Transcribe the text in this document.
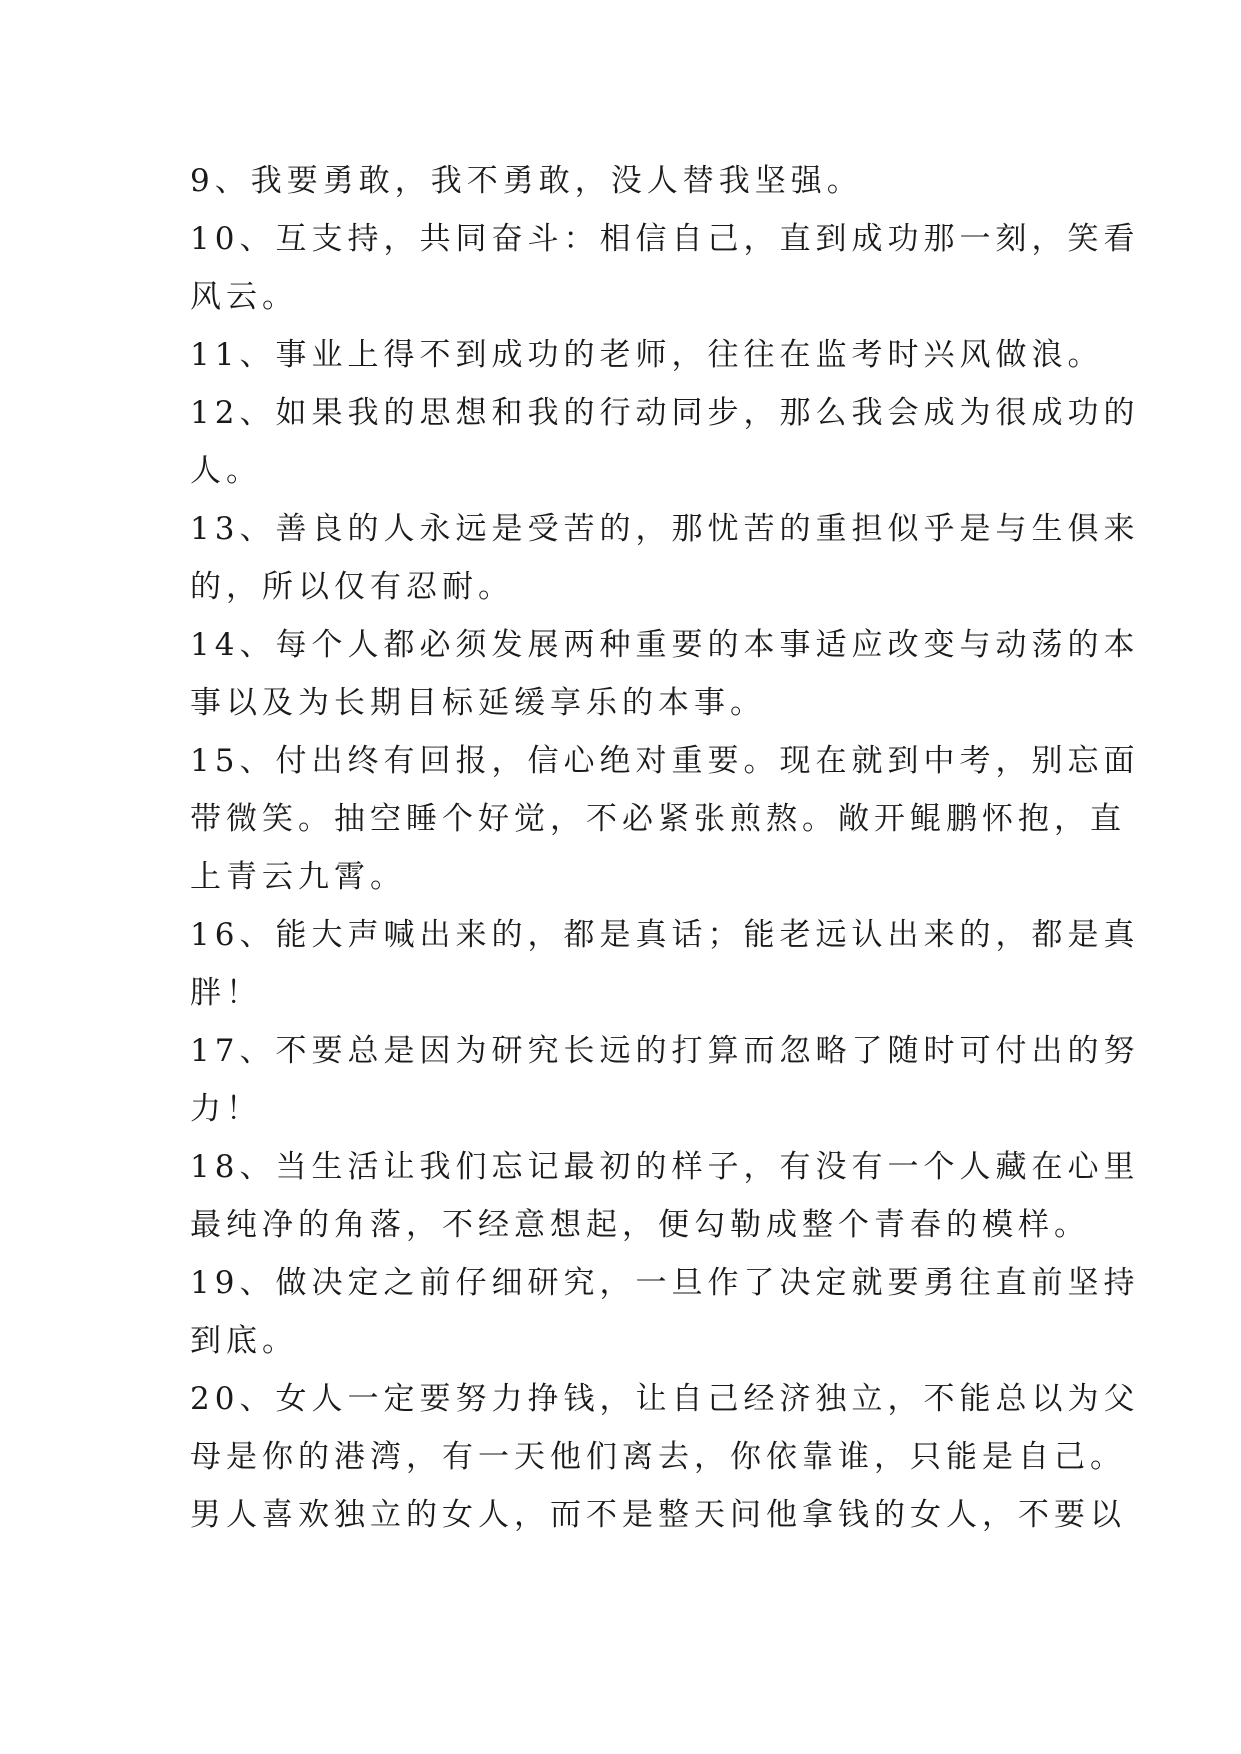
9、我要勇敢，我不勇敢，没人替我坚强。
10、互支持，共同奋斗：相信自己，直到成功那一刻，笑看
风云。
11、事业上得不到成功的老师，往往在监考时兴风做浪。
12、如果我的思想和我的行动同步，那么我会成为很成功的
人。
13、善良的人永远是受苦的，那忧苦的重担似乎是与生俱来
的，所以仅有忍耐。
14、每个人都必须发展两种重要的本事适应改变与动荡的本
事以及为长期目标延缓享乐的本事。
15、付出终有回报，信心绝对重要。现在就到中考，别忘面
带微笑。抽空睡个好觉，不必紧张煎熬。敞开鲲鹏怀抱，直
上青云九霄。
16、能大声喊出来的，都是真话；能老远认出来的，都是真
胖！
17、不要总是因为研究长远的打算而忽略了随时可付出的努
力！
18、当生活让我们忘记最初的样子，有没有一个人藏在心里
最纯净的角落，不经意想起，便勾勒成整个青春的模样。
19、做决定之前仔细研究，一旦作了决定就要勇往直前坚持
到底。
20、女人一定要努力挣钱，让自己经济独立，不能总以为父
母是你的港湾，有一天他们离去，你依靠谁，只能是自己。
男人喜欢独立的女人，而不是整天问他拿钱的女人，不要以
